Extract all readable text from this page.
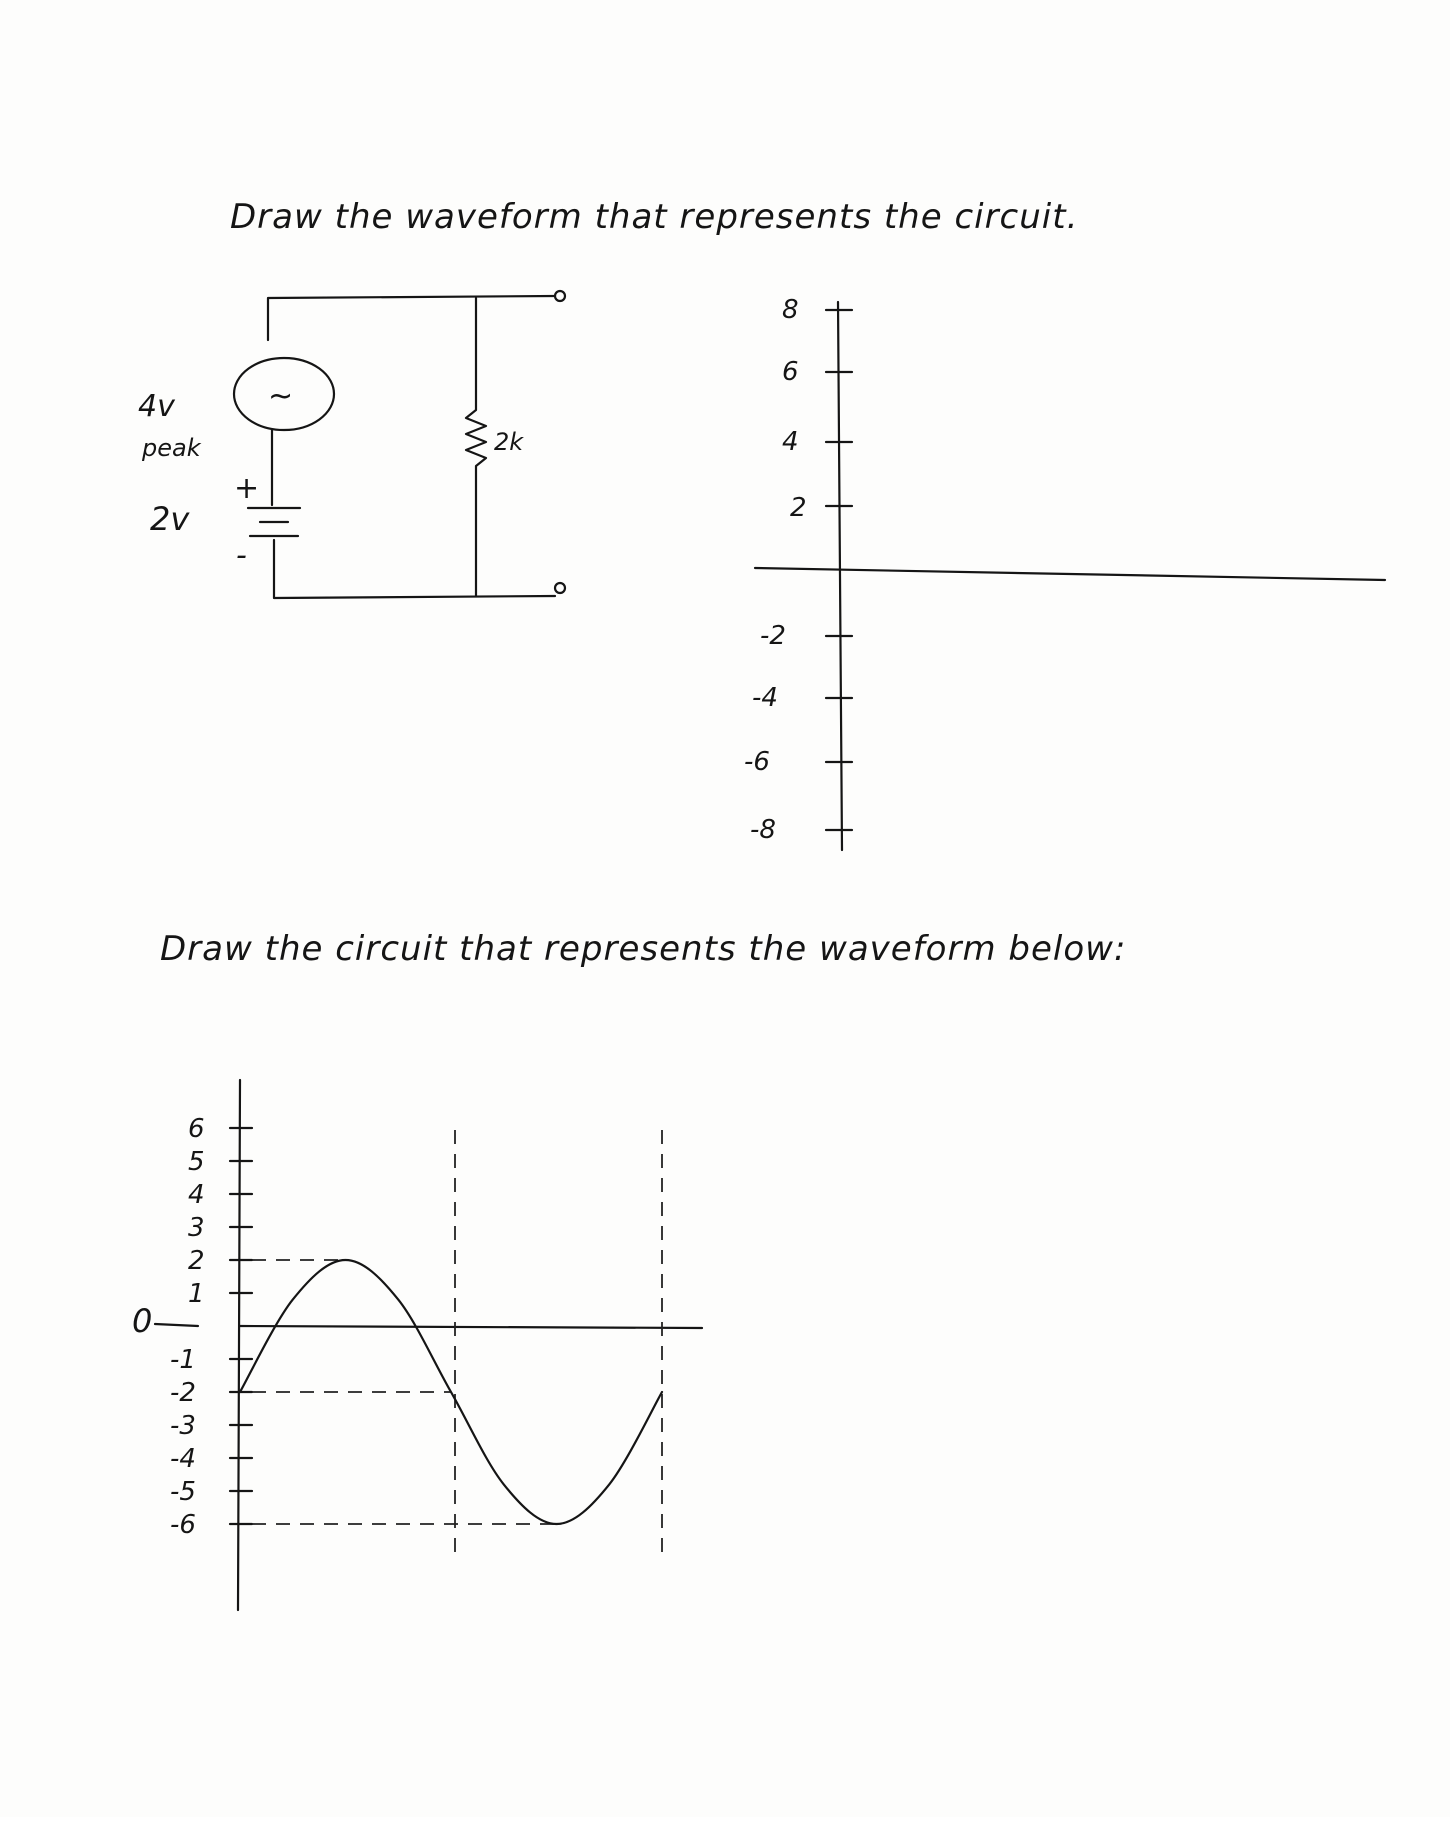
Draw the waveform that represents the circuit.
~
4v
peak
+
-
2v
2k
8
6
4
2
-2
-4
-6
-8
Draw the circuit that represents the waveform below:
0
6
5
4
3
2
1
-1
-2
-3
-4
-5
-6
